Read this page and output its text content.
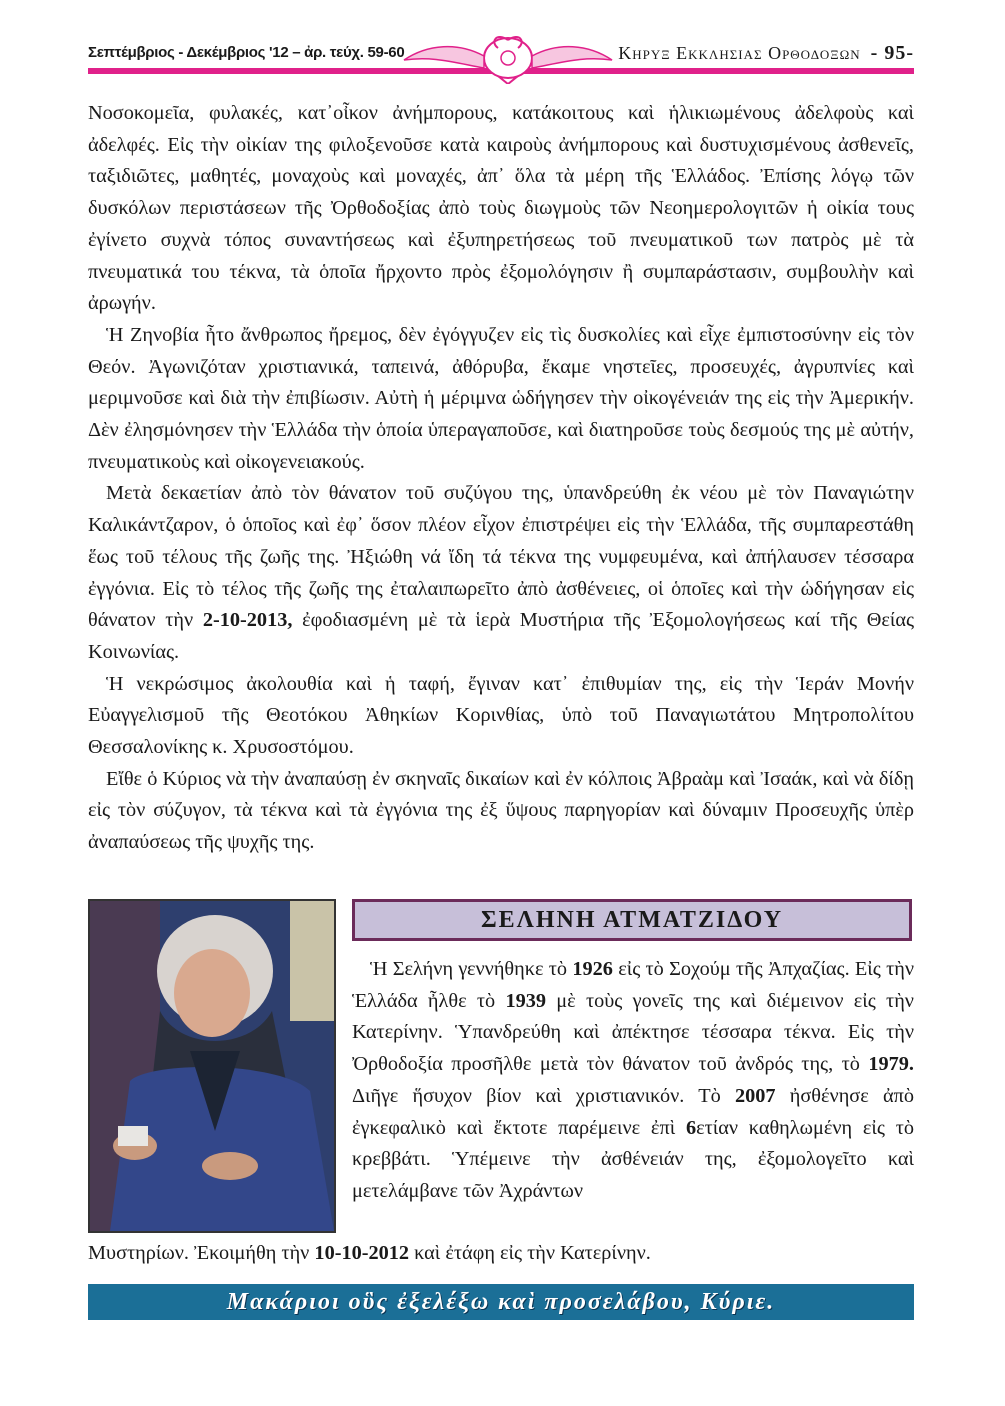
Σεπτέμβριος - Δεκέμβριος '12 – ἀρ. τεύχ. 59-60	Κηρυξ Εκκλησιας Ορθοδοξων - 95-

Νοσοκομεῖα, φυλακές, κατ᾽οἶκον ἀνήμπορους, κατάκοιτους καὶ ἡλικιωμένους ἀδελφοὺς καὶ ἀδελφές. Εἰς τὴν οἰκίαν της φιλοξενοῦσε κατὰ καιροὺς ἀνήμπορους καὶ δυστυχισμένους ἀσθενεῖς, ταξιδιῶτες, μαθητές, μοναχοὺς καὶ μοναχές, ἀπ᾽ ὅλα τὰ μέρη τῆς Ἑλλάδος. Ἐπίσης λόγῳ τῶν δυσκόλων περιστάσεων τῆς Ὀρθοδοξίας ἀπὸ τοὺς διωγμοὺς τῶν Νεοημερολογιτῶν ἡ οἰκία τους ἐγίνετο συχνὰ τόπος συναντήσεως καὶ ἐξυπηρετήσεως τοῦ πνευματικοῦ των πατρὸς μὲ τὰ πνευματικά του τέκνα, τὰ ὁποῖα ἤρχοντο πρὸς ἐξομολόγησιν ἢ συμπαράστασιν, συμβουλὴν καὶ ἀρωγήν.

Ἡ Ζηνοβία ἦτο ἄνθρωπος ἤρεμος, δὲν ἐγόγγυζεν εἰς τὶς δυσκολίες καὶ εἶχε ἐμπιστοσύνην εἰς τὸν Θεόν. Ἀγωνιζόταν χριστιανικά, ταπεινά, ἀθόρυβα, ἔκαμε νηστεῖες, προσευχές, ἀγρυπνίες καὶ μεριμνοῦσε καὶ διὰ τὴν ἐπιβίωσιν. Αὐτὴ ἡ μέριμνα ὡδήγησεν τὴν οἰκογένειάν της εἰς τὴν Ἀμερικήν. Δὲν ἐλησμόνησεν τὴν Ἑλλάδα τὴν ὁποία ὑπεραγαποῦσε, καὶ διατηροῦσε τοὺς δεσμούς της μὲ αὐτήν, πνευματικοὺς καὶ οἰκογενειακούς.

Μετὰ δεκαετίαν ἀπὸ τὸν θάνατον τοῦ συζύγου της, ὑπανδρεύθη ἐκ νέου μὲ τὸν Παναγιώτην Καλικάντζαρον, ὁ ὁποῖος καὶ ἐφ᾽ ὅσον πλέον εἶχον ἐπιστρέψει εἰς τὴν Ἑλλάδα, τῆς συμπαρεστάθη ἕως τοῦ τέλους τῆς ζωῆς της. Ἠξιώθη νά ἴδη τά τέκνα της νυμφευμένα, καὶ ἀπήλαυσεν τέσσαρα ἐγγόνια. Εἰς τὸ τέλος τῆς ζωῆς της ἐταλαιπωρεῖτο ἀπὸ ἀσθένειες, οἱ ὁποῖες καὶ τὴν ὡδήγησαν εἰς θάνατον τὴν 2-10-2013, ἐφοδιασμένη μὲ τὰ ἱερὰ Μυστήρια τῆς Ἐξομολογήσεως καί τῆς Θείας Κοινωνίας.

Ἡ νεκρώσιμος ἀκολουθία καὶ ἡ ταφή, ἔγιναν κατ᾽ ἐπιθυμίαν της, εἰς τὴν Ἱεράν Μονήν Εὐαγγελισμοῦ τῆς Θεοτόκου Ἀθηκίων Κορινθίας, ὑπὸ τοῦ Παναγιωτάτου Μητροπολίτου Θεσσαλονίκης κ. Χρυσοστόμου.

Εἴθε ὁ Κύριος νὰ τὴν ἀναπαύσῃ ἐν σκηναῖς δικαίων καὶ ἐν κόλποις Ἀβραὰμ καὶ Ἰσαάκ, καὶ νὰ δίδῃ εἰς τὸν σύζυγον, τὰ τέκνα καὶ τὰ ἐγγόνια της ἐξ ὕψους παρηγορίαν καὶ δύναμιν Προσευχῆς ὑπὲρ ἀναπαύσεως τῆς ψυχῆς της.

ΣΕΛΗΝΗ ΑΤΜΑΤΖΙΔΟΥ

Ἡ Σελήνη γεννήθηκε τὸ 1926 εἰς τὸ Σοχούμ τῆς Ἀπχαζίας. Εἰς τὴν Ἑλλάδα ἦλθε τὸ 1939 μὲ τοὺς γονεῖς της καὶ διέμεινον εἰς τὴν Κατερίνην. Ὑπανδρεύθη καὶ ἀπέκτησε τέσσαρα τέκνα. Εἰς τὴν Ὀρθοδοξία προσῆλθε μετὰ τὸν θάνατον τοῦ ἀνδρός της, τὸ 1979. Διῆγε ἥσυχον βίον καὶ χριστιανικόν. Τὸ 2007 ἠσθένησε ἀπὸ ἐγκεφαλικὸ καὶ ἔκτοτε παρέμεινε ἐπὶ 6ετίαν καθηλωμένη εἰς τὸ κρεββάτι. Ὑπέμεινε τὴν ἀσθένειάν της, ἐξομολογεῖτο καὶ μετελάμβανε τῶν Ἀχράντων

Μυστηρίων. Ἐκοιμήθη τὴν 10-10-2012 καὶ ἐτάφη εἰς τὴν Κατερίνην.
Μακάριοι οὓς ἐξελέξω καὶ προσελάβου, Κύριε.
